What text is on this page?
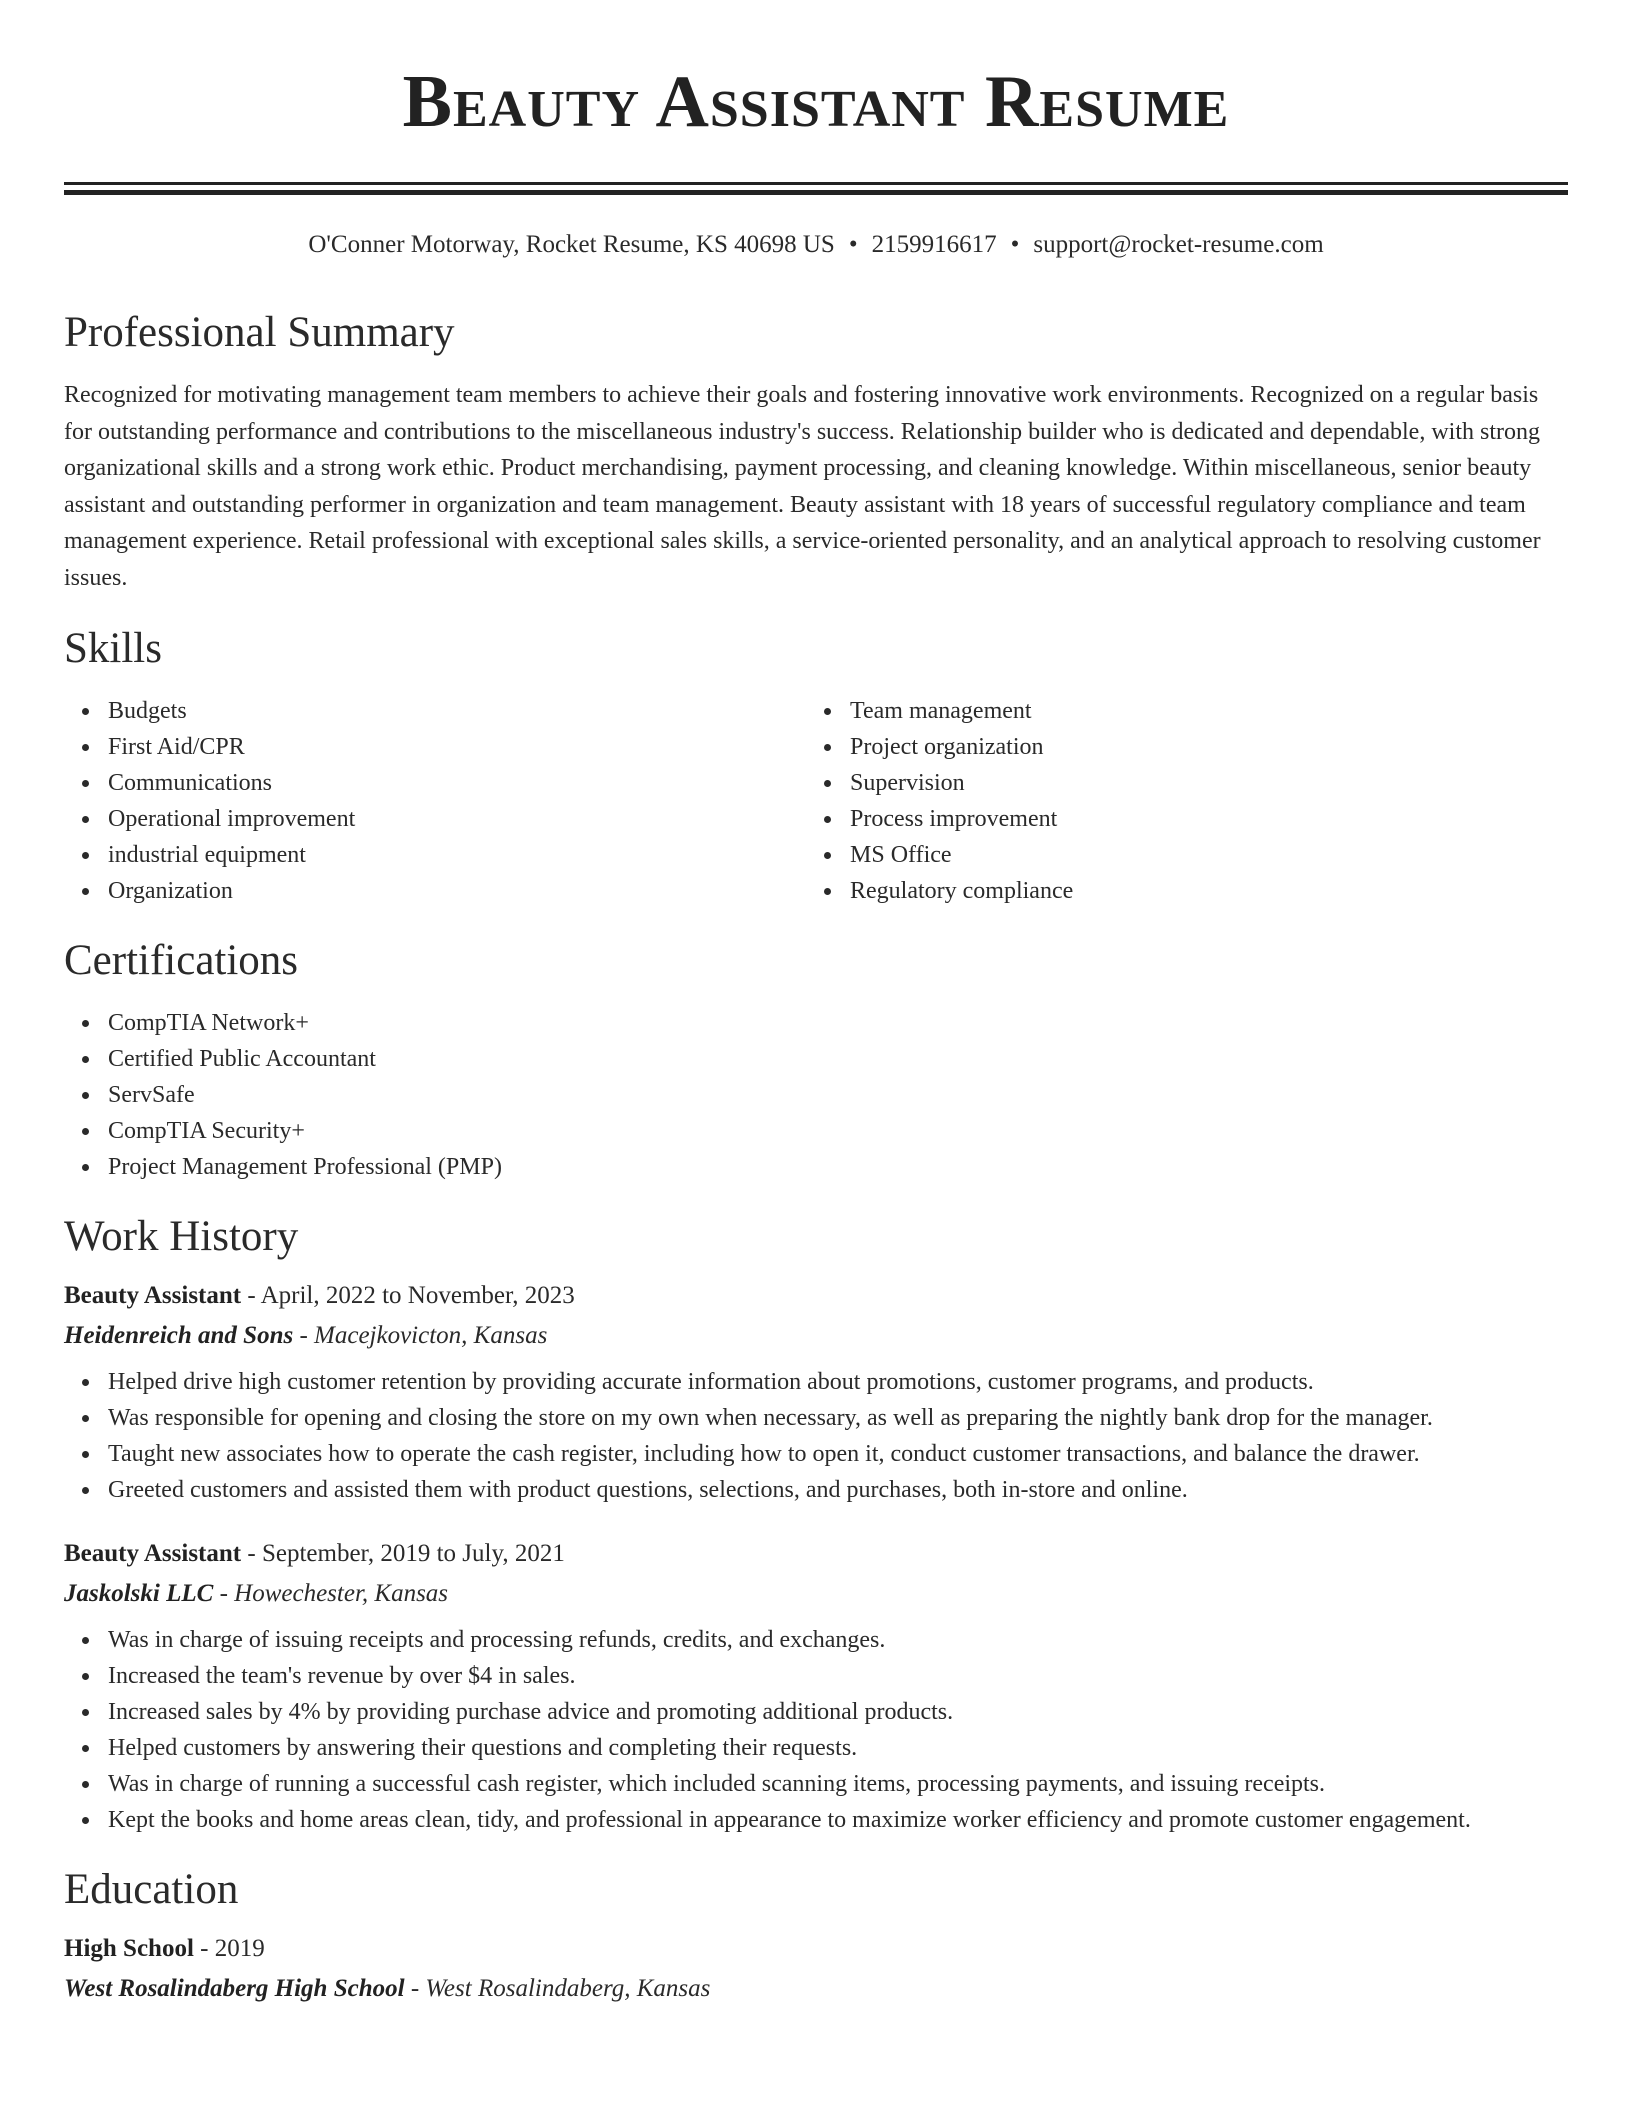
Beauty Assistant Resume
O'Conner Motorway, Rocket Resume, KS 40698 US • 2159916617 • support@rocket-resume.com
Professional Summary

Recognized for motivating management team members to achieve their goals and fostering innovative work environments. Recognized on a regular basis for outstanding performance and contributions to the miscellaneous industry's success. Relationship builder who is dedicated and dependable, with strong organizational skills and a strong work ethic. Product merchandising, payment processing, and cleaning knowledge. Within miscellaneous, senior beauty assistant and outstanding performer in organization and team management. Beauty assistant with 18 years of successful regulatory compliance and team management experience. Retail professional with exceptional sales skills, a service-oriented personality, and an analytical approach to resolving customer issues.

Skills
Budgets
First Aid/CPR
Communications
Operational improvement
industrial equipment
Organization
Team management
Project organization
Supervision
Process improvement
MS Office
Regulatory compliance
Certifications
CompTIA Network+
Certified Public Accountant
ServSafe
CompTIA Security+
Project Management Professional (PMP)
Work History
Beauty Assistant - April, 2022 to November, 2023
Heidenreich and Sons - Macejkovicton, Kansas
Helped drive high customer retention by providing accurate information about promotions, customer programs, and products.
Was responsible for opening and closing the store on my own when necessary, as well as preparing the nightly bank drop for the manager.
Taught new associates how to operate the cash register, including how to open it, conduct customer transactions, and balance the drawer.
Greeted customers and assisted them with product questions, selections, and purchases, both in-store and online.
Beauty Assistant - September, 2019 to July, 2021
Jaskolski LLC - Howechester, Kansas
Was in charge of issuing receipts and processing refunds, credits, and exchanges.
Increased the team's revenue by over $4 in sales.
Increased sales by 4% by providing purchase advice and promoting additional products.
Helped customers by answering their questions and completing their requests.
Was in charge of running a successful cash register, which included scanning items, processing payments, and issuing receipts.
Kept the books and home areas clean, tidy, and professional in appearance to maximize worker efficiency and promote customer engagement.
Education
High School - 2019
West Rosalindaberg High School - West Rosalindaberg, Kansas
